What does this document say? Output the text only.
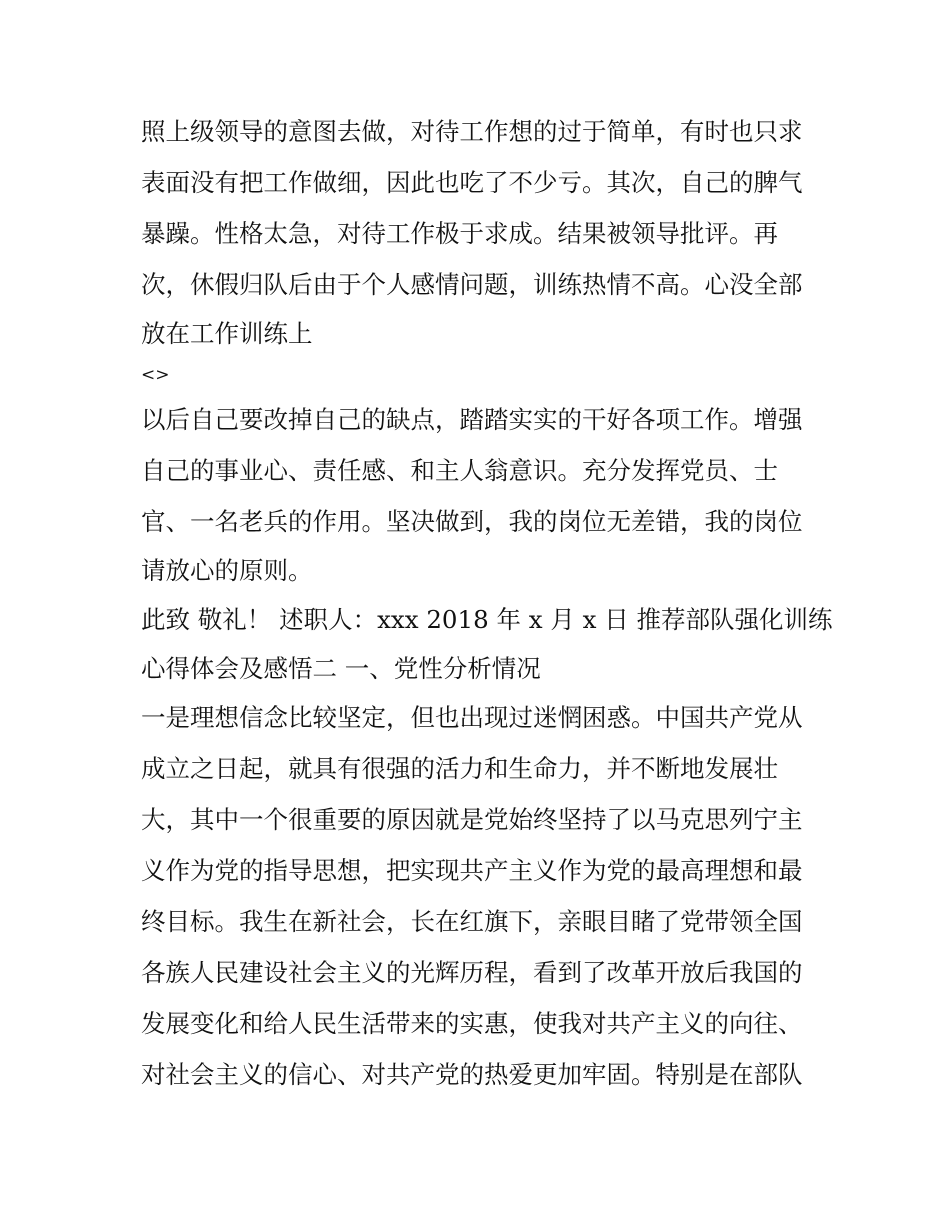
照上级领导的意图去做，对待工作想的过于简单，有时也只求
表面没有把工作做细，因此也吃了不少亏。其次，自己的脾气
暴躁。性格太急，对待工作极于求成。结果被领导批评。再
次，休假归队后由于个人感情问题，训练热情不高。心没全部
放在工作训练上
<>
以后自己要改掉自己的缺点，踏踏实实的干好各项工作。增强
自己的事业心、责任感、和主人翁意识。充分发挥党员、士
官、一名老兵的作用。坚决做到，我的岗位无差错，我的岗位
请放心的原则。
此致 敬礼！ 述职人：xxx 2018 年 x 月 x 日 推荐部队强化训练
心得体会及感悟二 一、党性分析情况
一是理想信念比较坚定，但也出现过迷惘困惑。中国共产党从
成立之日起，就具有很强的活力和生命力，并不断地发展壮
大，其中一个很重要的原因就是党始终坚持了以马克思列宁主
义作为党的指导思想，把实现共产主义作为党的最高理想和最
终目标。我生在新社会，长在红旗下，亲眼目睹了党带领全国
各族人民建设社会主义的光辉历程，看到了改革开放后我国的
发展变化和给人民生活带来的实惠，使我对共产主义的向往、
对社会主义的信心、对共产党的热爱更加牢固。特别是在部队
